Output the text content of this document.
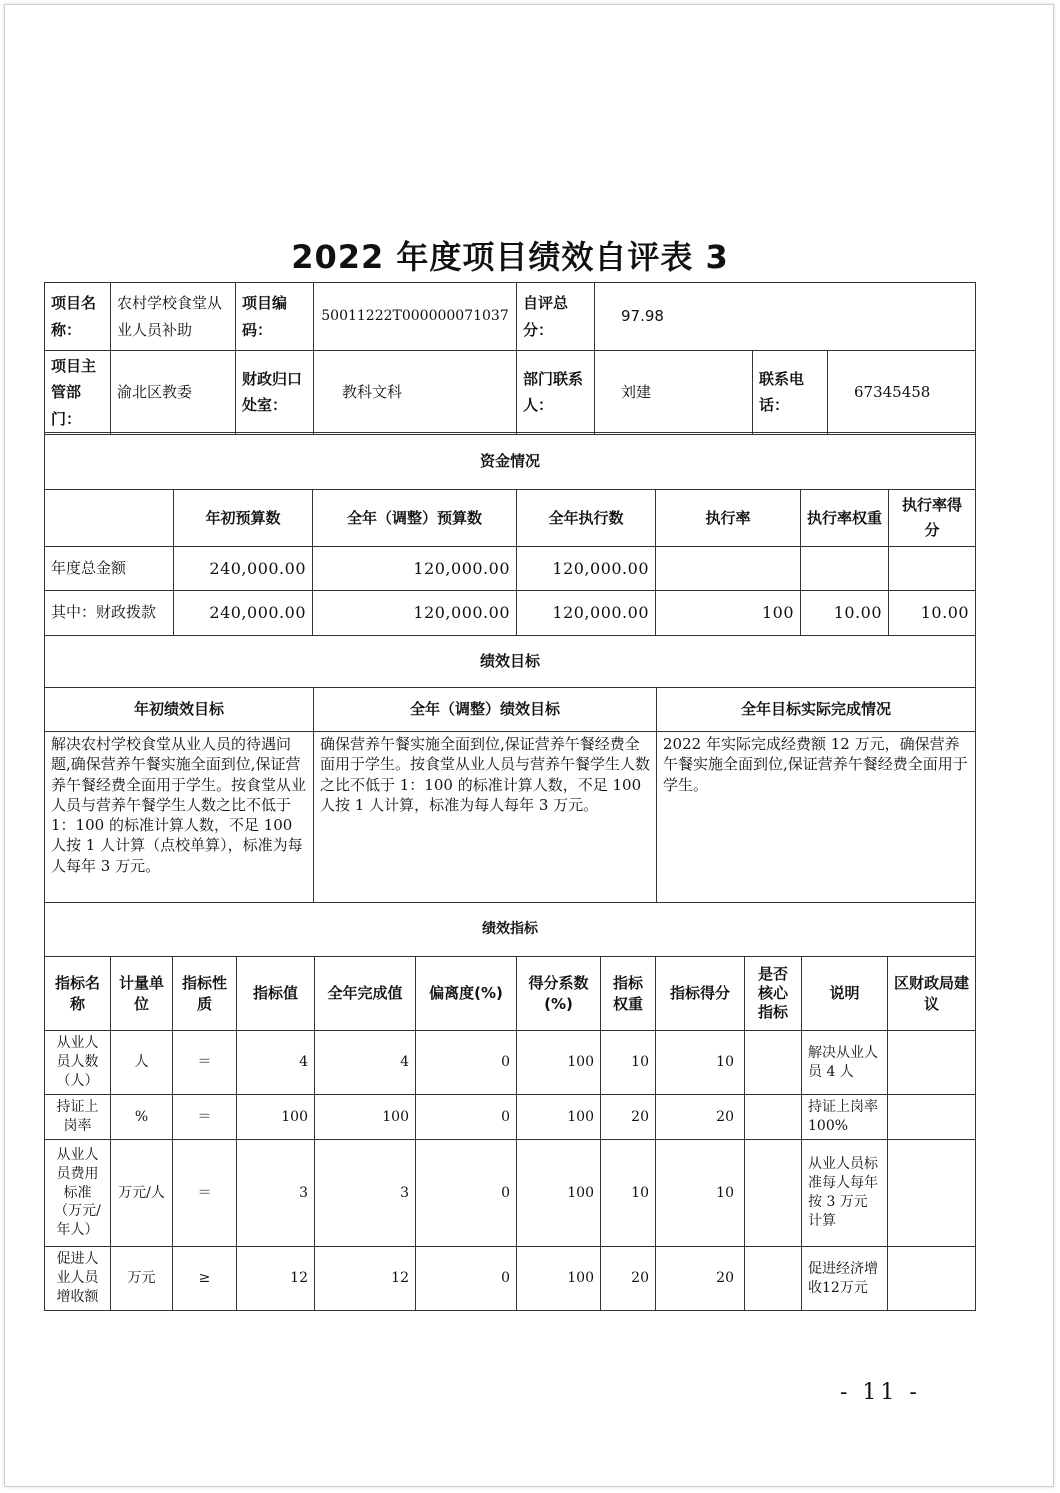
2022 年度项目绩效自评表 3
项目名称：	农村学校食堂从业人员补助	项目编码：	50011222T000000071037	自评总分：	97.98		
项目主管部门：	渝北区教委	财政归口处室：	教科文科	部门联系人：	刘建	联系电话：	67345458
资金情况						
	年初预算数	全年（调整）预算数	全年执行数	执行率	执行率权重	执行率得分
年度总金额	240,000.00	120,000.00	120,000.00			
其中：财政拨款	240,000.00	120,000.00	120,000.00	100	10.00	10.00
绩效目标		
年初绩效目标	全年（调整）绩效目标	全年目标实际完成情况
解决农村学校食堂从业人员的待遇问题,确保营养午餐实施全面到位,保证营养午餐经费全面用于学生。按食堂从业人员与营养午餐学生人数之比不低于 1：100 的标准计算人数，不足 100 人按 1 人计算（点校单算），标准为每人每年 3 万元。	确保营养午餐实施全面到位,保证营养午餐经费全面用于学生。按食堂从业人员与营养午餐学生人数之比不低于 1：100 的标准计算人数，不足 100 人按 1 人计算，标准为每人每年 3 万元。	2022 年实际完成经费额 12 万元，确保营养午餐实施全面到位,保证营养午餐经费全面用于学生。
绩效指标											
指标名称	计量单位	指标性质	指标值	全年完成值	偏离度(%)	得分系数(%)	指标权重	指标得分	是否核心指标	说明	区财政局建议
从业人员人数（人）	人	＝	4	4	0	100	10	10		解决从业人员 4 人	
持证上岗率	%	＝	100	100	0	100	20	20		持证上岗率 100%	
从业人员费用标准（万元/年人）	万元/人	＝	3	3	0	100	10	10		从业人员标准每人每年按 3 万元计算	
促进人业人员增收额	万元	≥	12	12	0	100	20	20		促进经济增收12万元	
- 11 -
